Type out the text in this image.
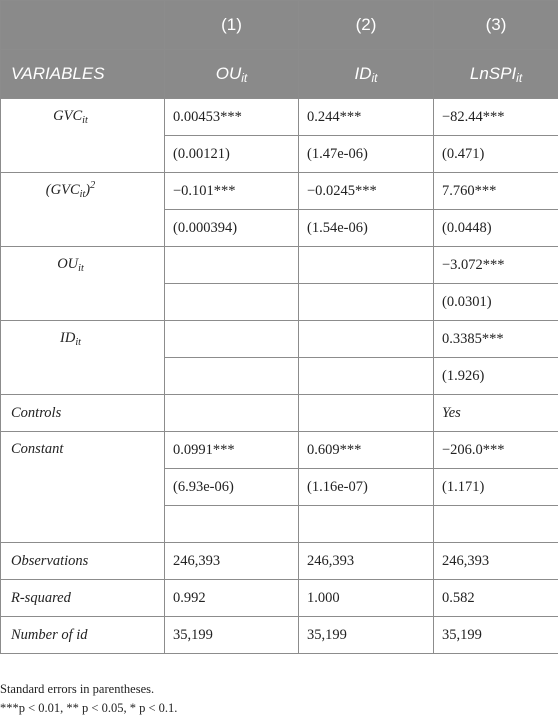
	(1)	(2)	(3)
VARIABLES	$OU_{it}$	$ID_{it}$	LnSPI$_{it}$
$GVC_{it}$	0.00453***	0.244***	−82.44***
	(0.00121)	(1.47e-06)	(0.471)
$(GVC_{it})^2$	−0.101***	−0.0245***	7.760***
	(0.000394)	(1.54e-06)	(0.0448)
$OU_{it}$			−3.072***
			(0.0301)
$ID_{it}$			0.3385***
			(1.926)
Controls			Yes
Constant	0.0991***	0.609***	−206.0***
	(6.93e-06)	(1.16e-07)	(1.171)

Observations	246,393	246,393	246,393
R-squared	0.992	1.000	0.582
Number of id	35,199	35,199	35,199
Standard errors in parentheses.
***p < 0.01, ** p < 0.05, * p < 0.1.
